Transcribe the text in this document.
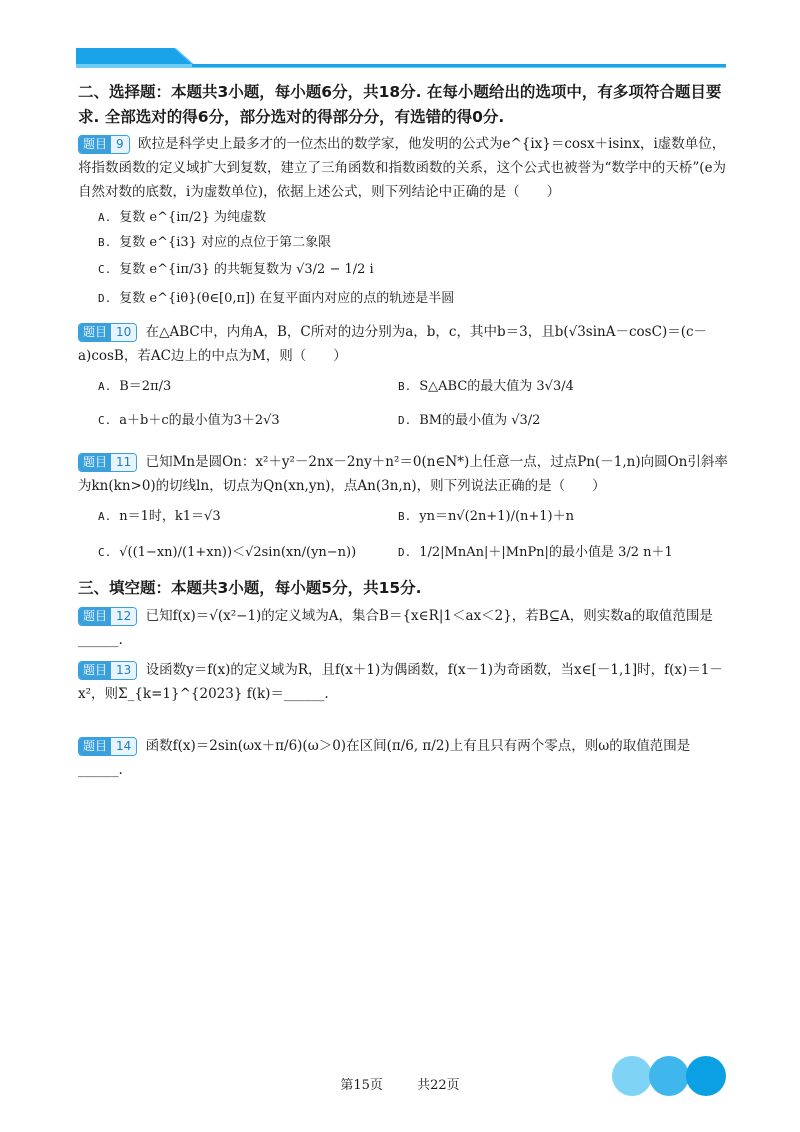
二、选择题：本题共3小题，每小题6分，共18分. 在每小题给出的选项中，有多项符合题目要求. 全部选对的得6分，部分选对的得部分分，有选错的得0分.
题目 9	欧拉是科学史上最多才的一位杰出的数学家，他发明的公式为e^{ix}＝cosx＋isinx，i虚数单位，将指数函数的定义域扩大到复数，建立了三角函数和指数函数的关系，这个公式也被誉为“数学中的天桥”(e为自然对数的底数，i为虚数单位)，依据上述公式，则下列结论中正确的是（　　）
A. 复数 e^{iπ/2} 为纯虚数
B. 复数 e^{i3} 对应的点位于第二象限
C. 复数 e^{iπ/3} 的共轭复数为 √3/2 − 1/2 i
D. 复数 e^{iθ}(θ∈[0,π]) 在复平面内对应的点的轨迹是半圆
题目 10	在△ABC中，内角A，B，C所对的边分别为a，b，c，其中b＝3，且b(√3sinA－cosC)＝(c－a)cosB，若AC边上的中点为M，则（　　）
A. B＝2π/3	B. S△ABC的最大值为 3√3/4
C. a＋b＋c的最小值为3＋2√3	D. BM的最小值为 √3/2
题目 11	已知Mn是圆On：x²＋y²－2nx－2ny＋n²＝0(n∈N*)上任意一点，过点Pn(－1,n)向圆On引斜率为kn(kn>0)的切线ln，切点为Qn(xn,yn)，点An(3n,n)，则下列说法正确的是（　　）
A. n＝1时，k1＝√3	B. yn＝n√(2n+1)/(n+1)＋n
C. √((1−xn)/(1+xn))＜√2sin(xn/(yn−n))	D. 1/2|MnAn|＋|MnPn|的最小值是 3/2 n＋1
三、填空题：本题共3小题，每小题5分，共15分.
题目 12	已知f(x)＝√(x²−1)的定义域为A，集合B＝{x∈R|1＜ax＜2}，若B⊆A，则实数a的取值范围是______.
题目 13	设函数y＝f(x)的定义域为R，且f(x＋1)为偶函数，f(x－1)为奇函数，当x∈[－1,1]时，f(x)＝1－x²，则Σ_{k=1}^{2023} f(k)＝______.
题目 14	函数f(x)＝2sin(ωx＋π/6)(ω＞0)在区间(π/6, π/2)上有且只有两个零点，则ω的取值范围是______.
第15页	共22页
